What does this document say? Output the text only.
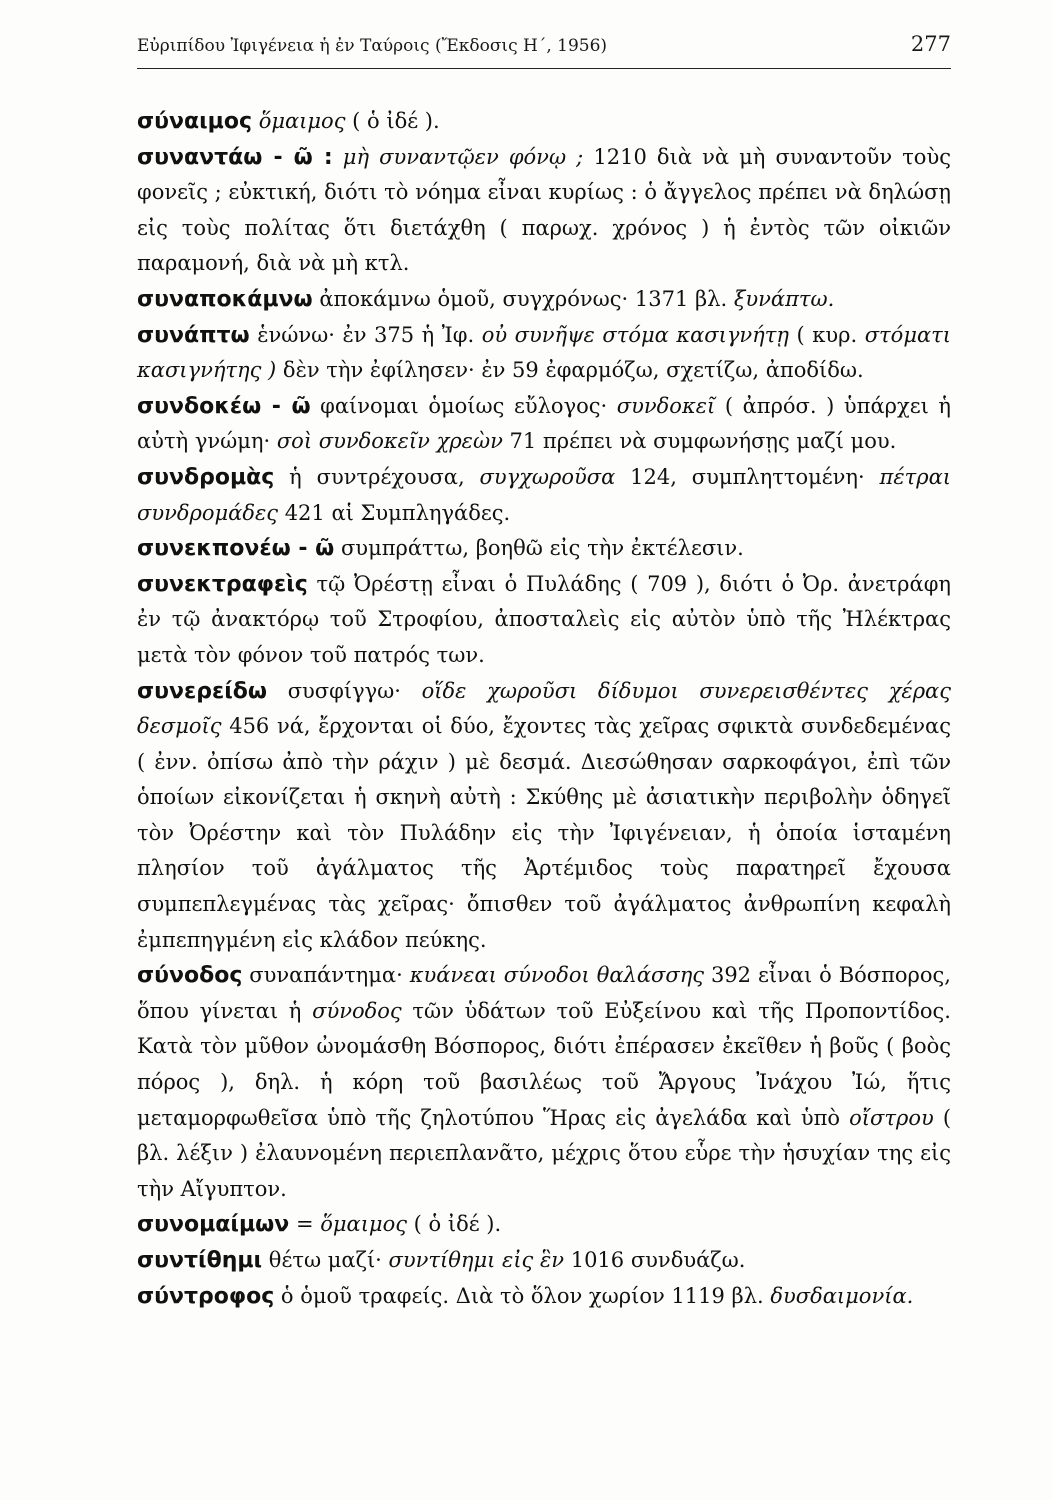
Εὐριπίδου Ἰφιγένεια ἡ ἐν Ταύροις (Ἔκδοσις Η΄, 1956)	277

σύναιμος ὅμαιμος ( ὁ ἰδέ ).

συναντάω - ῶ : μὴ συναντῷεν φόνῳ ; 1210 διὰ νὰ μὴ συναντοῦν τοὺς φονεῖς ; εὐκτική, διότι τὸ νόημα εἶναι κυρίως : ὁ ἄγγελος πρέπει νὰ δηλώσῃ εἰς τοὺς πολίτας ὅτι διετάχθη ( παρωχ. χρόνος ) ἡ ἐντὸς τῶν οἰκιῶν παραμονή, διὰ νὰ μὴ κτλ.

συναποκάμνω ἀποκάμνω ὁμοῦ, συγχρόνως· 1371 βλ. ξυνάπτω.

συνάπτω ἑνώνω· ἐν 375 ἡ Ἰφ. οὐ συνῆψε στόμα κασιγνήτῃ ( κυρ. στόματι κασιγνήτης ) δὲν τὴν ἐφίλησεν· ἐν 59 ἐφαρμόζω, σχετίζω, ἀποδίδω.

συνδοκέω - ῶ φαίνομαι ὁμοίως εὔλογος· συνδοκεῖ ( ἀπρόσ. ) ὑπάρχει ἡ αὐτὴ γνώμη· σοὶ συνδοκεῖν χρεὼν 71 πρέπει νὰ συμφωνήσῃς μαζί μου.

συνδρομὰς ἡ συντρέχουσα, συγχωροῦσα 124, συμπληττομένη· πέτραι συνδρομάδες 421 αἱ Συμπληγάδες.

συνεκπονέω - ῶ συμπράττω, βοηθῶ εἰς τὴν ἐκτέλεσιν.

συνεκτραφεὶς τῷ Ὀρέστῃ εἶναι ὁ Πυλάδης ( 709 ), διότι ὁ Ὀρ. ἀνετράφη ἐν τῷ ἀνακτόρῳ τοῦ Στροφίου, ἀποσταλεὶς εἰς αὐτὸν ὑπὸ τῆς Ἠλέκτρας μετὰ τὸν φόνον τοῦ πατρός των.

συνερείδω συσφίγγω· οἵδε χωροῦσι δίδυμοι συνερεισθέντες χέρας δεσμοῖς 456 νά, ἔρχονται οἱ δύο, ἔχοντες τὰς χεῖρας σφικτὰ συνδεδεμένας ( ἐνν. ὀπίσω ἀπὸ τὴν ράχιν ) μὲ δεσμά. Διεσώθησαν σαρκοφάγοι, ἐπὶ τῶν ὁποίων εἰκονίζεται ἡ σκηνὴ αὐτὴ : Σκύθης μὲ ἀσιατικὴν περιβολὴν ὁδηγεῖ τὸν Ὀρέστην καὶ τὸν Πυλάδην εἰς τὴν Ἰφιγένειαν, ἡ ὁποία ἱσταμένη πλησίον τοῦ ἀγάλματος τῆς Ἀρτέμιδος τοὺς παρατηρεῖ ἔχουσα συμπεπλεγμένας τὰς χεῖρας· ὄπισθεν τοῦ ἀγάλματος ἀνθρωπίνη κεφαλὴ ἐμπεπηγμένη εἰς κλάδον πεύκης.

σύνοδος συναπάντημα· κυάνεαι σύνοδοι θαλάσσης 392 εἶναι ὁ Βόσπορος, ὅπου γίνεται ἡ σύνοδος τῶν ὑδάτων τοῦ Εὐξείνου καὶ τῆς Προποντίδος. Κατὰ τὸν μῦθον ὠνομάσθη Βόσπορος, διότι ἐπέρασεν ἐκεῖθεν ἡ βοῦς ( βοὸς πόρος ), δηλ. ἡ κόρη τοῦ βασιλέως τοῦ Ἄργους Ἰνάχου Ἰώ, ἥτις μεταμορφωθεῖσα ὑπὸ τῆς ζηλοτύπου Ἥρας εἰς ἀγελάδα καὶ ὑπὸ οἴστρου ( βλ. λέξιν ) ἐλαυνομένη περιεπλανᾶτο, μέχρις ὅτου εὗρε τὴν ἡσυχίαν της εἰς τὴν Αἴγυπτον.

συνομαίμων = ὅμαιμος ( ὁ ἰδέ ).

συντίθημι θέτω μαζί· συντίθημι εἰς ἓν 1016 συνδυάζω.

σύντροφος ὁ ὁμοῦ τραφείς. Διὰ τὸ ὅλον χωρίον 1119 βλ. δυσδαιμονία.
